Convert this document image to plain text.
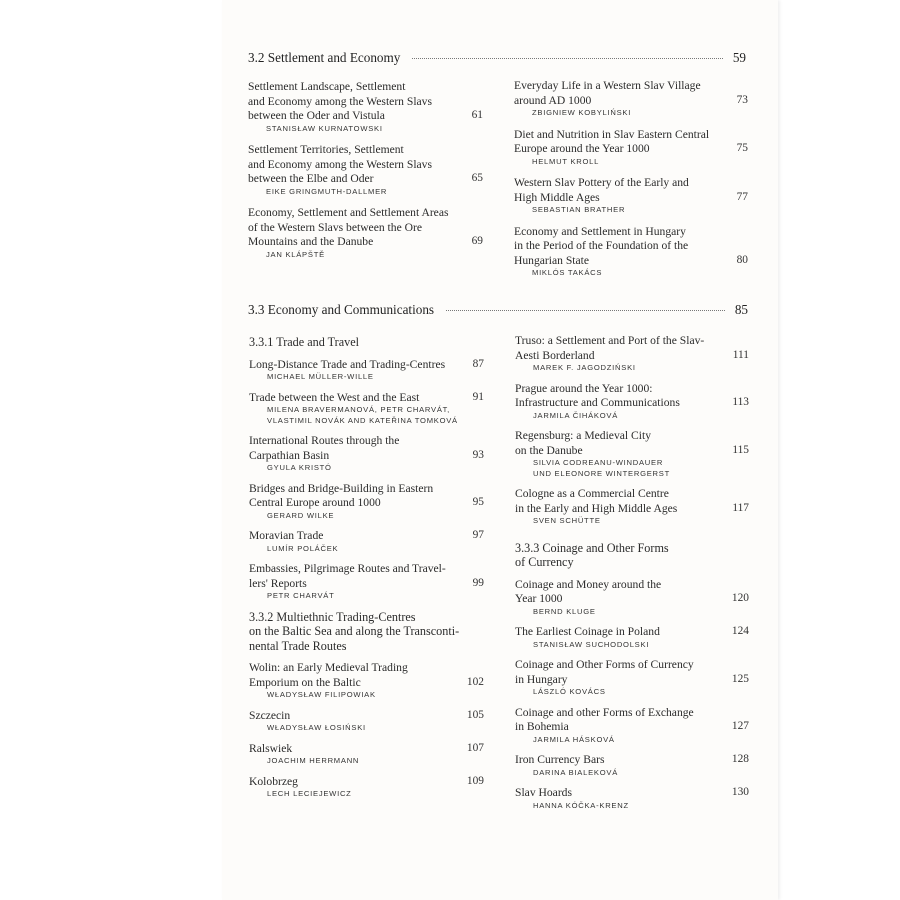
3.2 Settlement and Economy	59
Settlement Landscape, Settlement
and Economy among the Western Slavs
between the Oder and Vistula
STANISŁAW KURNATOWSKI
61
Settlement Territories, Settlement
and Economy among the Western Slavs
between the Elbe and Oder
EIKE GRINGMUTH-DALLMER
65
Economy, Settlement and Settlement Areas
of the Western Slavs between the Ore
Mountains and the Danube
JAN KLÁPŠTĚ
69
Everyday Life in a Western Slav Village
around AD 1000
ZBIGNIEW KOBYLIŃSKI
73
Diet and Nutrition in Slav Eastern Central
Europe around the Year 1000
HELMUT KROLL
75
Western Slav Pottery of the Early and
High Middle Ages
SEBASTIAN BRATHER
77
Economy and Settlement in Hungary
in the Period of the Foundation of the
Hungarian State
MIKLÓS TAKÁCS
80
3.3 Economy and Communications	85
3.3.1 Trade and Travel
Long-Distance Trade and Trading-Centres
MICHAEL MÜLLER-WILLE
87
Trade between the West and the East
MILENA BRAVERMANOVÁ, PETR CHARVÁT,
VLASTIMIL NOVÁK AND KATEŘINA TOMKOVÁ
91
International Routes through the
Carpathian Basin
GYULA KRISTÓ
93
Bridges and Bridge-Building in Eastern
Central Europe around 1000
GERARD WILKE
95
Moravian Trade
LUMÍR POLÁČEK
97
Embassies, Pilgrimage Routes and Travel-
lers' Reports
PETR CHARVÁT
99
3.3.2 Multiethnic Trading-Centres
on the Baltic Sea and along the Transconti-
nental Trade Routes
Wolin: an Early Medieval Trading
Emporium on the Baltic
WŁADYSŁAW FILIPOWIAK
102
Szczecin
WŁADYSŁAW ŁOSIŃSKI
105
Ralswiek
JOACHIM HERRMANN
107
Kolobrzeg
LECH LECIEJEWICZ
109
Truso: a Settlement and Port of the Slav-
Aesti Borderland
MAREK F. JAGODZIŃSKI
111
Prague around the Year 1000:
Infrastructure and Communications
JARMILA ČIHÁKOVÁ
113
Regensburg: a Medieval City
on the Danube
SILVIA CODREANU-WINDAUER
UND ELEONORE WINTERGERST
115
Cologne as a Commercial Centre
in the Early and High Middle Ages
SVEN SCHÜTTE
117
3.3.3 Coinage and Other Forms
of Currency
Coinage and Money around the
Year 1000
BERND KLUGE
120
The Earliest Coinage in Poland
STANISŁAW SUCHODOLSKI
124
Coinage and Other Forms of Currency
in Hungary
LÁSZLÓ KOVÁCS
125
Coinage and other Forms of Exchange
in Bohemia
JARMILA HÁSKOVÁ
127
Iron Currency Bars
DARINA BIALEKOVÁ
128
Slav Hoards
HANNA KÓČKA-KRENZ
130
